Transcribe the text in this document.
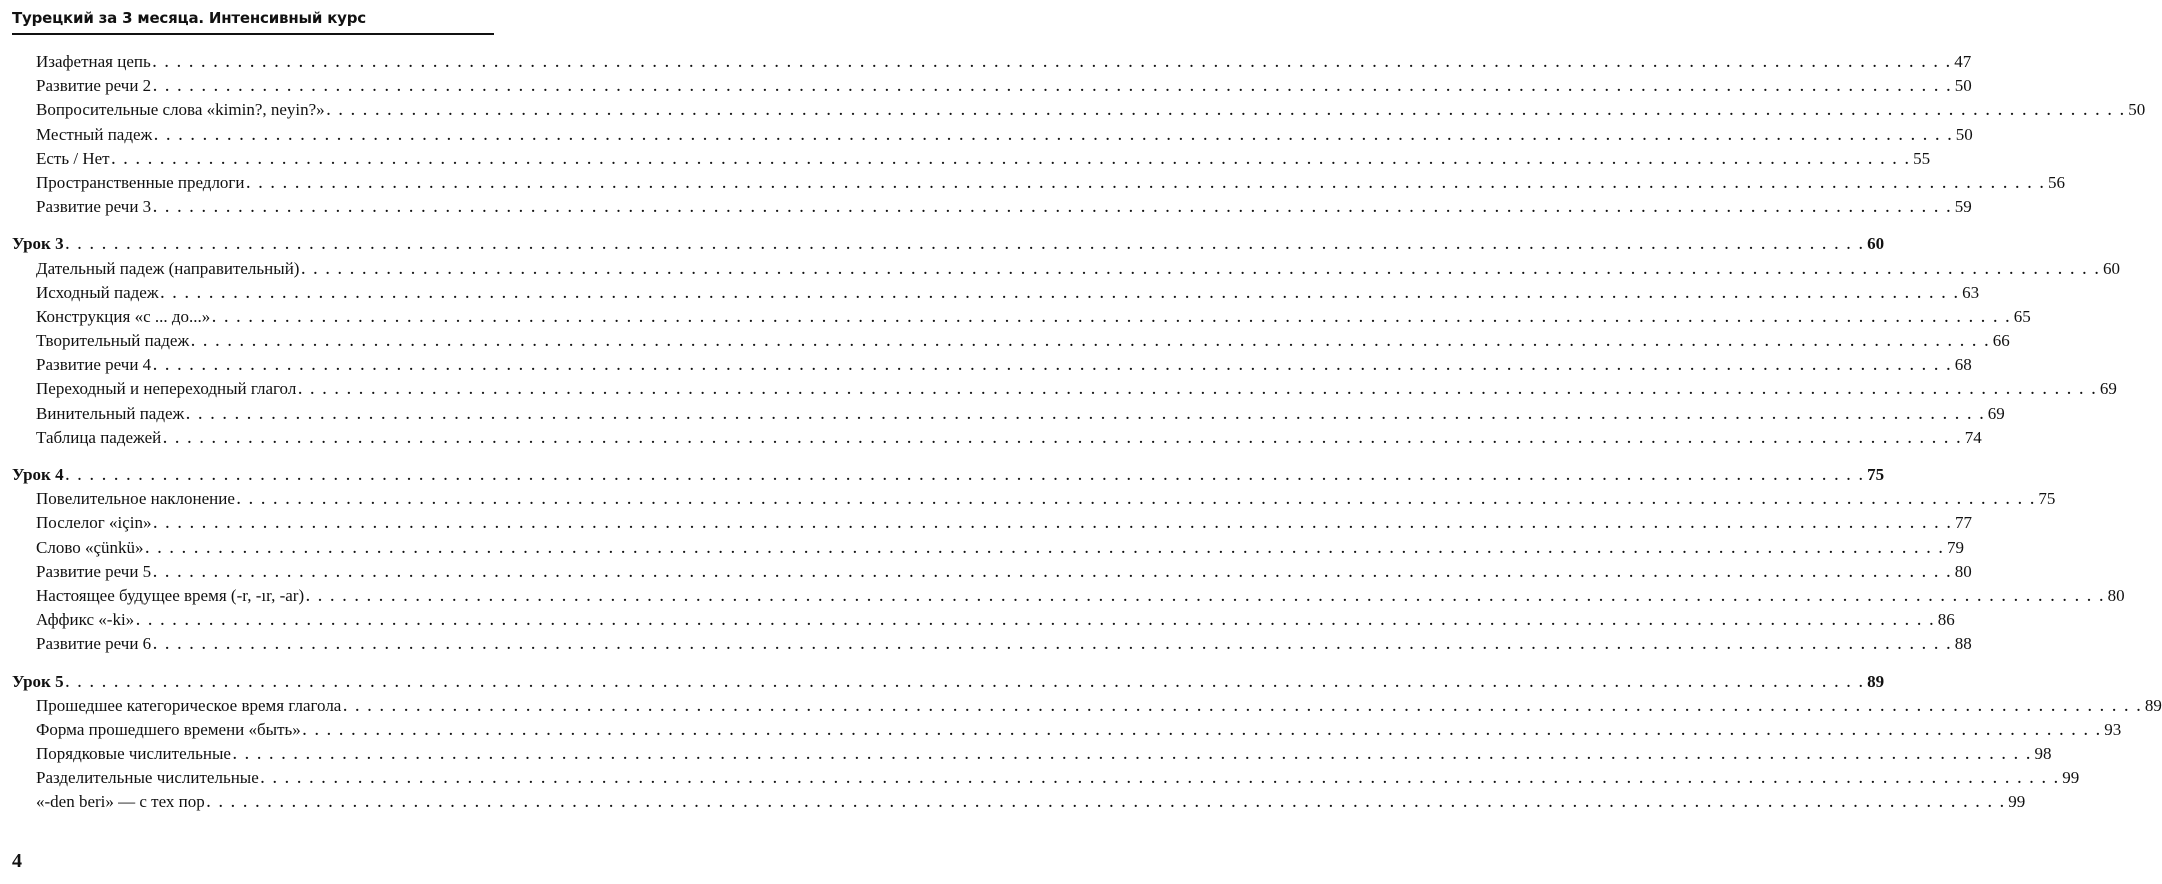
Турецкий за 3 месяца. Интенсивный курс
Изафетная цепь . . . . . . . . . . . . . . . . . . . . . . . . . . . . . . . . . . . . . . . . . . . . . . . . . . . . . . . . . . . . . . . . . . . . . . . . . . . . . . . . . . . . . . . . . . . . . . . . . . . . . . . . . . . . . . . . . . . . . . . . . . . . . . . . . . . . . . . . . . . . . . . . . . . . 47
Развитие речи 2 . . . . . . . . . . . . . . . . . . . . . . . . . . . . . . . . . . . . . . . . . . . . . . . . . . . . . . . . . . . . . . . . . . . . . . . . . . . . . . . . . . . . . . . . . . . . . . . . . . . . . . . . . . . . . . . . . . . . . . . . . . . . . . . . . . . . . . . . . . . . . . . . . . . . 50
Вопросительные слова «kimin?, neyin?» . . . . . . . . . . . . . . . . . . . . . . . . . . . . . . . . . . . . . . . . . . . . . . . . . . . . . . . . . . . . . . . . . . . . . . . . . . . . . . . . . . . . . . . . . . . . . . . . . . . . . . . . . . . . . . . . . . . . . . . . . . . . . . . . . . . . . . . . . . . . . . . . . . . . 50
Местный падеж . . . . . . . . . . . . . . . . . . . . . . . . . . . . . . . . . . . . . . . . . . . . . . . . . . . . . . . . . . . . . . . . . . . . . . . . . . . . . . . . . . . . . . . . . . . . . . . . . . . . . . . . . . . . . . . . . . . . . . . . . . . . . . . . . . . . . . . . . . . . . . . . . . . . 50
Есть / Нет . . . . . . . . . . . . . . . . . . . . . . . . . . . . . . . . . . . . . . . . . . . . . . . . . . . . . . . . . . . . . . . . . . . . . . . . . . . . . . . . . . . . . . . . . . . . . . . . . . . . . . . . . . . . . . . . . . . . . . . . . . . . . . . . . . . . . . . . . . . . . . . . . . . . 55
Пространственные предлоги . . . . . . . . . . . . . . . . . . . . . . . . . . . . . . . . . . . . . . . . . . . . . . . . . . . . . . . . . . . . . . . . . . . . . . . . . . . . . . . . . . . . . . . . . . . . . . . . . . . . . . . . . . . . . . . . . . . . . . . . . . . . . . . . . . . . . . . . . . . . . . . . . . . . 56
Развитие речи 3 . . . . . . . . . . . . . . . . . . . . . . . . . . . . . . . . . . . . . . . . . . . . . . . . . . . . . . . . . . . . . . . . . . . . . . . . . . . . . . . . . . . . . . . . . . . . . . . . . . . . . . . . . . . . . . . . . . . . . . . . . . . . . . . . . . . . . . . . . . . . . . . . . . . . 59
Урок 3 . . . . . . . . . . . . . . . . . . . . . . . . . . . . . . . . . . . . . . . . . . . . . . . . . . . . . . . . . . . . . . . . . . . . . . . . . . . . . . . . . . . . . . . . . . . . . . . . . . . . . . . . . . . . . . . . . . . . . . . . . . . . . . . . . . . . . . . . . . . . . . . . . . . . 60
Дательный падеж (направительный) . . . . . . . . . . . . . . . . . . . . . . . . . . . . . . . . . . . . . . . . . . . . . . . . . . . . . . . . . . . . . . . . . . . . . . . . . . . . . . . . . . . . . . . . . . . . . . . . . . . . . . . . . . . . . . . . . . . . . . . . . . . . . . . . . . . . . . . . . . . . . . . . . . . . 60
Исходный падеж . . . . . . . . . . . . . . . . . . . . . . . . . . . . . . . . . . . . . . . . . . . . . . . . . . . . . . . . . . . . . . . . . . . . . . . . . . . . . . . . . . . . . . . . . . . . . . . . . . . . . . . . . . . . . . . . . . . . . . . . . . . . . . . . . . . . . . . . . . . . . . . . . . . . 63
Конструкция «с ... до...» . . . . . . . . . . . . . . . . . . . . . . . . . . . . . . . . . . . . . . . . . . . . . . . . . . . . . . . . . . . . . . . . . . . . . . . . . . . . . . . . . . . . . . . . . . . . . . . . . . . . . . . . . . . . . . . . . . . . . . . . . . . . . . . . . . . . . . . . . . . . . . . . . . . . 65
Творительный падеж . . . . . . . . . . . . . . . . . . . . . . . . . . . . . . . . . . . . . . . . . . . . . . . . . . . . . . . . . . . . . . . . . . . . . . . . . . . . . . . . . . . . . . . . . . . . . . . . . . . . . . . . . . . . . . . . . . . . . . . . . . . . . . . . . . . . . . . . . . . . . . . . . . . . 66
Развитие речи 4 . . . . . . . . . . . . . . . . . . . . . . . . . . . . . . . . . . . . . . . . . . . . . . . . . . . . . . . . . . . . . . . . . . . . . . . . . . . . . . . . . . . . . . . . . . . . . . . . . . . . . . . . . . . . . . . . . . . . . . . . . . . . . . . . . . . . . . . . . . . . . . . . . . . . 68
Переходный и непереходный глагол . . . . . . . . . . . . . . . . . . . . . . . . . . . . . . . . . . . . . . . . . . . . . . . . . . . . . . . . . . . . . . . . . . . . . . . . . . . . . . . . . . . . . . . . . . . . . . . . . . . . . . . . . . . . . . . . . . . . . . . . . . . . . . . . . . . . . . . . . . . . . . . . . . . . 69
Винительный падеж . . . . . . . . . . . . . . . . . . . . . . . . . . . . . . . . . . . . . . . . . . . . . . . . . . . . . . . . . . . . . . . . . . . . . . . . . . . . . . . . . . . . . . . . . . . . . . . . . . . . . . . . . . . . . . . . . . . . . . . . . . . . . . . . . . . . . . . . . . . . . . . . . . . . 69
Таблица падежей . . . . . . . . . . . . . . . . . . . . . . . . . . . . . . . . . . . . . . . . . . . . . . . . . . . . . . . . . . . . . . . . . . . . . . . . . . . . . . . . . . . . . . . . . . . . . . . . . . . . . . . . . . . . . . . . . . . . . . . . . . . . . . . . . . . . . . . . . . . . . . . . . . . . 74
Урок 4 . . . . . . . . . . . . . . . . . . . . . . . . . . . . . . . . . . . . . . . . . . . . . . . . . . . . . . . . . . . . . . . . . . . . . . . . . . . . . . . . . . . . . . . . . . . . . . . . . . . . . . . . . . . . . . . . . . . . . . . . . . . . . . . . . . . . . . . . . . . . . . . . . . . . 75
Повелительное наклонение . . . . . . . . . . . . . . . . . . . . . . . . . . . . . . . . . . . . . . . . . . . . . . . . . . . . . . . . . . . . . . . . . . . . . . . . . . . . . . . . . . . . . . . . . . . . . . . . . . . . . . . . . . . . . . . . . . . . . . . . . . . . . . . . . . . . . . . . . . . . . . . . . . . . 75
Послелог «için» . . . . . . . . . . . . . . . . . . . . . . . . . . . . . . . . . . . . . . . . . . . . . . . . . . . . . . . . . . . . . . . . . . . . . . . . . . . . . . . . . . . . . . . . . . . . . . . . . . . . . . . . . . . . . . . . . . . . . . . . . . . . . . . . . . . . . . . . . . . . . . . . . . . . 77
Слово «çünkü» . . . . . . . . . . . . . . . . . . . . . . . . . . . . . . . . . . . . . . . . . . . . . . . . . . . . . . . . . . . . . . . . . . . . . . . . . . . . . . . . . . . . . . . . . . . . . . . . . . . . . . . . . . . . . . . . . . . . . . . . . . . . . . . . . . . . . . . . . . . . . . . . . . . . 79
Развитие речи 5 . . . . . . . . . . . . . . . . . . . . . . . . . . . . . . . . . . . . . . . . . . . . . . . . . . . . . . . . . . . . . . . . . . . . . . . . . . . . . . . . . . . . . . . . . . . . . . . . . . . . . . . . . . . . . . . . . . . . . . . . . . . . . . . . . . . . . . . . . . . . . . . . . . . . 80
Настоящее будущее время (-r, -ır, -ar) . . . . . . . . . . . . . . . . . . . . . . . . . . . . . . . . . . . . . . . . . . . . . . . . . . . . . . . . . . . . . . . . . . . . . . . . . . . . . . . . . . . . . . . . . . . . . . . . . . . . . . . . . . . . . . . . . . . . . . . . . . . . . . . . . . . . . . . . . . . . . . . . . . . . 80
Аффикс «-ki» . . . . . . . . . . . . . . . . . . . . . . . . . . . . . . . . . . . . . . . . . . . . . . . . . . . . . . . . . . . . . . . . . . . . . . . . . . . . . . . . . . . . . . . . . . . . . . . . . . . . . . . . . . . . . . . . . . . . . . . . . . . . . . . . . . . . . . . . . . . . . . . . . . . . 86
Развитие речи 6 . . . . . . . . . . . . . . . . . . . . . . . . . . . . . . . . . . . . . . . . . . . . . . . . . . . . . . . . . . . . . . . . . . . . . . . . . . . . . . . . . . . . . . . . . . . . . . . . . . . . . . . . . . . . . . . . . . . . . . . . . . . . . . . . . . . . . . . . . . . . . . . . . . . . 88
Урок 5 . . . . . . . . . . . . . . . . . . . . . . . . . . . . . . . . . . . . . . . . . . . . . . . . . . . . . . . . . . . . . . . . . . . . . . . . . . . . . . . . . . . . . . . . . . . . . . . . . . . . . . . . . . . . . . . . . . . . . . . . . . . . . . . . . . . . . . . . . . . . . . . . . . . . 89
Прошедшее категорическое время глагола . . . . . . . . . . . . . . . . . . . . . . . . . . . . . . . . . . . . . . . . . . . . . . . . . . . . . . . . . . . . . . . . . . . . . . . . . . . . . . . . . . . . . . . . . . . . . . . . . . . . . . . . . . . . . . . . . . . . . . . . . . . . . . . . . . . . . . . . . . . . . . . . . . . . 89
Форма прошедшего времени «быть» . . . . . . . . . . . . . . . . . . . . . . . . . . . . . . . . . . . . . . . . . . . . . . . . . . . . . . . . . . . . . . . . . . . . . . . . . . . . . . . . . . . . . . . . . . . . . . . . . . . . . . . . . . . . . . . . . . . . . . . . . . . . . . . . . . . . . . . . . . . . . . . . . . . . 93
Порядковые числительные . . . . . . . . . . . . . . . . . . . . . . . . . . . . . . . . . . . . . . . . . . . . . . . . . . . . . . . . . . . . . . . . . . . . . . . . . . . . . . . . . . . . . . . . . . . . . . . . . . . . . . . . . . . . . . . . . . . . . . . . . . . . . . . . . . . . . . . . . . . . . . . . . . . . 98
Разделительные числительные . . . . . . . . . . . . . . . . . . . . . . . . . . . . . . . . . . . . . . . . . . . . . . . . . . . . . . . . . . . . . . . . . . . . . . . . . . . . . . . . . . . . . . . . . . . . . . . . . . . . . . . . . . . . . . . . . . . . . . . . . . . . . . . . . . . . . . . . . . . . . . . . . . . . 99
«-den beri» — с тех пор . . . . . . . . . . . . . . . . . . . . . . . . . . . . . . . . . . . . . . . . . . . . . . . . . . . . . . . . . . . . . . . . . . . . . . . . . . . . . . . . . . . . . . . . . . . . . . . . . . . . . . . . . . . . . . . . . . . . . . . . . . . . . . . . . . . . . . . . . . . . . . . . . . . . 99
4
